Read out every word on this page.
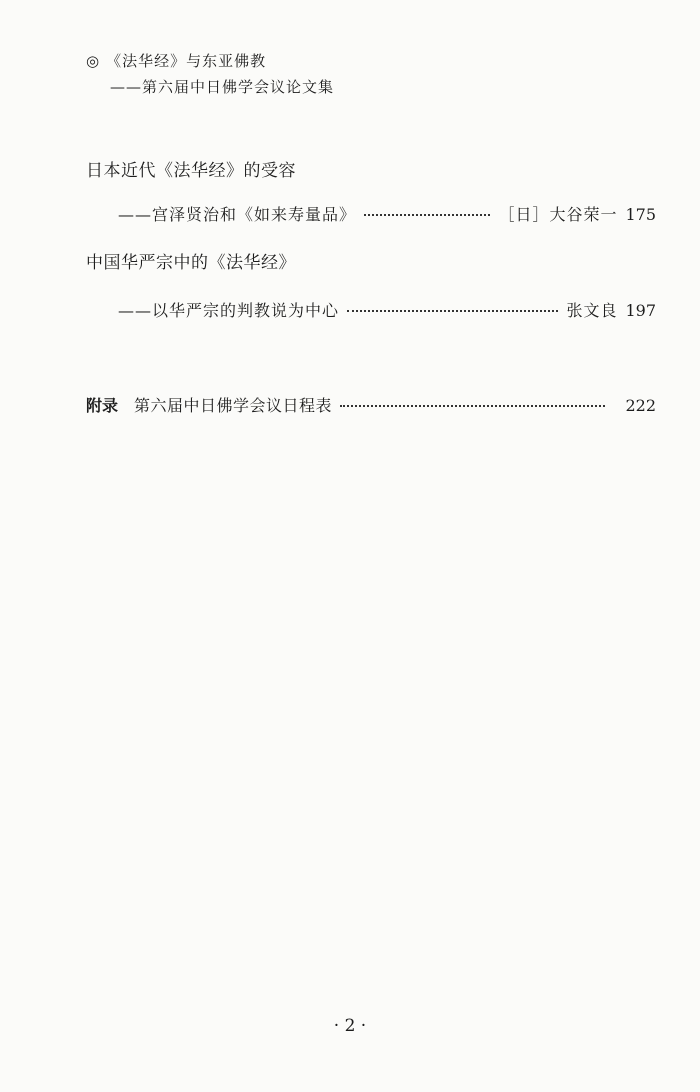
◎ 《法华经》与东亚佛教
——第六届中日佛学会议论文集
日本近代《法华经》的受容
——宫泽贤治和《如来寿量品》	［日］大谷荣一 175
中国华严宗中的《法华经》
——以华严宗的判教说为中心	张文良 197
附录 第六届中日佛学会议日程表	222
· 2 ·
